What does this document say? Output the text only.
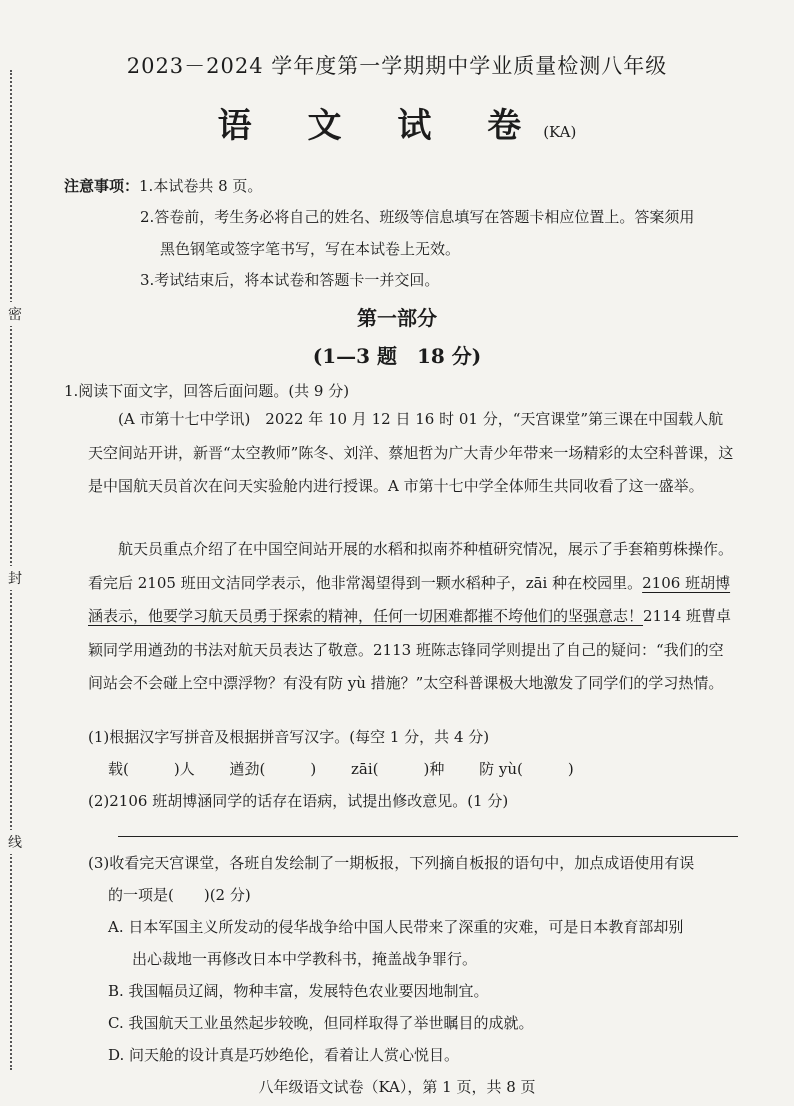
密
封
线
2023－2024 学年度第一学期期中学业质量检测八年级
语 文 试 卷(KA)
注意事项：1.本试卷共 8 页。
2.答卷前，考生务必将自己的姓名、班级等信息填写在答题卡相应位置上。答案须用
黑色钢笔或签字笔书写，写在本试卷上无效。
3.考试结束后，将本试卷和答题卡一并交回。
第一部分
(1—3 题　18 分)
1.阅读下面文字，回答后面问题。(共 9 分)
(A 市第十七中学讯)　2022 年 10 月 12 日 16 时 01 分，“天宫课堂”第三课在中国载人航天空间站开讲，新晋“太空教师”陈冬、刘洋、蔡旭哲为广大青少年带来一场精彩的太空科普课，这是中国航天员首次在问天实验舱内进行授课。A 市第十七中学全体师生共同收看了这一盛举。
航天员重点介绍了在中国空间站开展的水稻和拟南芥种植研究情况，展示了手套箱剪株操作。看完后 2105 班田文洁同学表示，他非常渴望得到一颗水稻种子，zāi 种在校园里。2106 班胡博涵表示，他要学习航天员勇于探索的精神，任何一切困难都摧不垮他们的坚强意志！2114 班曹卓颖同学用遒劲的书法对航天员表达了敬意。2113 班陈志锋同学则提出了自己的疑问：“我们的空间站会不会碰上空中漂浮物？有没有防 yù 措施？”太空科普课极大地激发了同学们的学习热情。
(1)根据汉字写拼音及根据拼音写汉字。(每空 1 分，共 4 分)
载(　　　)人　　 遒劲(　　　)　　 zāi(　　　)种　　 防 yù(　　　)
(2)2106 班胡博涵同学的话存在语病，试提出修改意见。(1 分)
(3)收看完天宫课堂，各班自发绘制了一期板报，下列摘自板报的语句中，加点成语使用有误
的一项是(　　)(2 分)
A. 日本军国主义所发动的侵华战争给中国人民带来了深重的灾难，可是日本教育部却别
出心裁地一再修改日本中学教科书，掩盖战争罪行。
B. 我国幅员辽阔，物种丰富，发展特色农业要因地制宜。
C. 我国航天工业虽然起步较晚，但同样取得了举世瞩目的成就。
D. 问天舱的设计真是巧妙绝伦，看着让人赏心悦目。
八年级语文试卷（KA），第 1 页，共 8 页
